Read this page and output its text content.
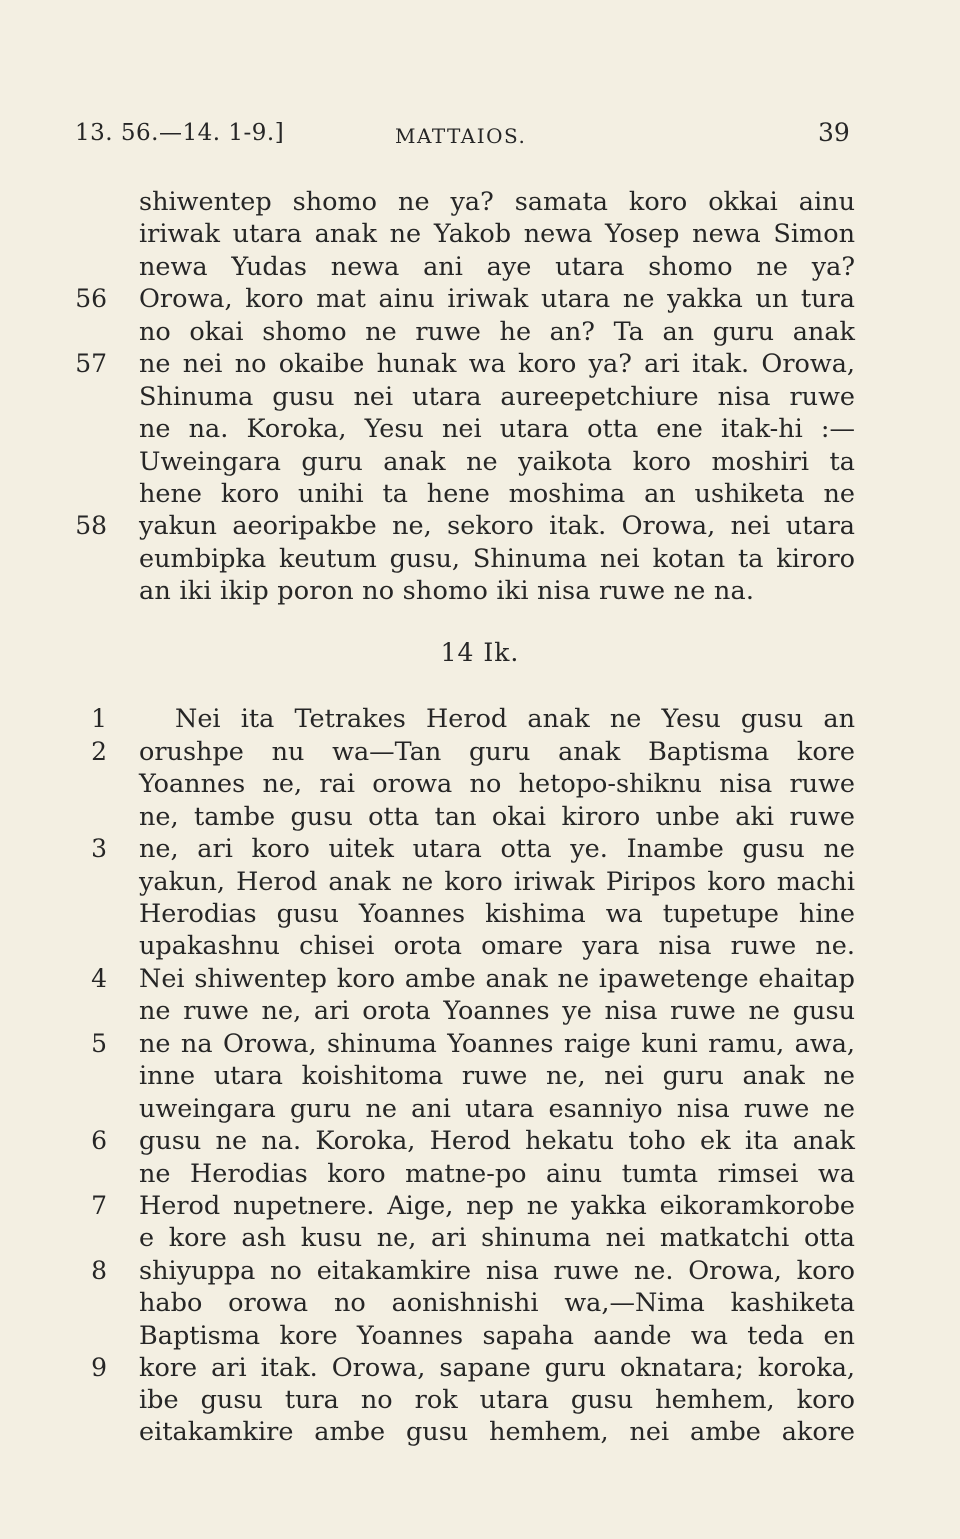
13. 56.—14. 1-9.]	MATTAIOS.	39
shiwentep shomo ne ya? samata koro okkai ainu
iriwak utara anak ne Yakob newa Yosep newa Simon
newa Yudas newa ani aye utara shomo ne ya?
56 Orowa, koro mat ainu iriwak utara ne yakka un tura
no okai shomo ne ruwe he an? Ta an guru anak
57 ne nei no okaibe hunak wa koro ya? ari itak. Orowa,
Shinuma gusu nei utara aureepetchiure nisa ruwe
ne na. Koroka, Yesu nei utara otta ene itak-hi :—
Uweingara guru anak ne yaikota koro moshiri ta
hene koro unihi ta hene moshima an ushiketa ne
58 yakun aeoripakbe ne, sekoro itak. Orowa, nei utara
eumbipka keutum gusu, Shinuma nei kotan ta kiroro
an iki ikip poron no shomo iki nisa ruwe ne na.
14 Ik.
1	Nei ita Tetrakes Herod anak ne Yesu gusu an
2 orushpe nu wa—Tan guru anak Baptisma kore
Yoannes ne, rai orowa no hetopo-shiknu nisa ruwe
ne, tambe gusu otta tan okai kiroro unbe aki ruwe
3 ne, ari koro uitek utara otta ye. Inambe gusu ne
yakun, Herod anak ne koro iriwak Piripos koro machi
Herodias gusu Yoannes kishima wa tupetupe hine
upakashnu chisei orota omare yara nisa ruwe ne.
4 Nei shiwentep koro ambe anak ne ipawetenge ehaitap
ne ruwe ne, ari orota Yoannes ye nisa ruwe ne gusu
5 ne na Orowa, shinuma Yoannes raige kuni ramu, awa,
inne utara koishitoma ruwe ne, nei guru anak ne
uweingara guru ne ani utara esanniyo nisa ruwe ne
6 gusu ne na. Koroka, Herod hekatu toho ek ita anak
ne Herodias koro matne-po ainu tumta rimsei wa
7 Herod nupetnere. Aige, nep ne yakka eikoramkorobe
e kore ash kusu ne, ari shinuma nei matkatchi otta
8 shiyuppa no eitakamkire nisa ruwe ne. Orowa, koro
habo orowa no aonishnishi wa,—Nima kashiketa
Baptisma kore Yoannes sapaha aande wa teda en
9 kore ari itak. Orowa, sapane guru oknatara; koroka,
ibe gusu tura no rok utara gusu hemhem, koro
eitakamkire ambe gusu hemhem, nei ambe akore
